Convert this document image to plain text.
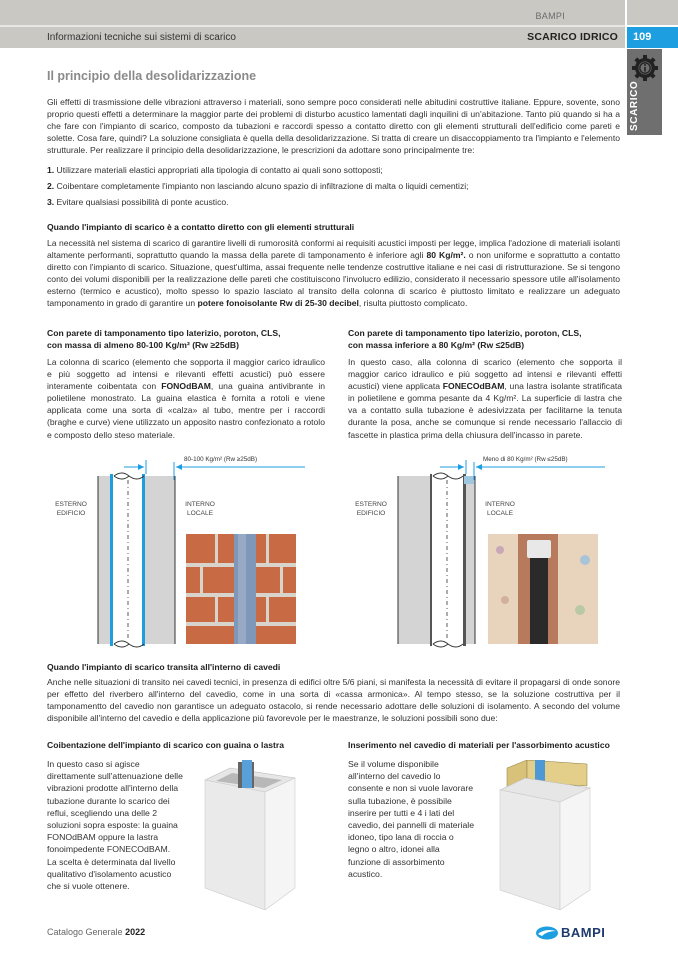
BAMPI
Informazioni tecniche sui sistemi di scarico	SCARICO IDRICO 109
SCARICO
Il principio della desolidarizzazione
Gli effetti di trasmissione delle vibrazioni attraverso i materiali, sono sempre poco considerati nelle abitudini costruttive italiane. Eppure, sovente, sono proprio questi effetti a determinare la maggior parte dei problemi di disturbo acustico lamentati dagli inquilini di un'abitazione. Tanto più quando si ha a che fare con l'impianto di scarico, composto da tubazioni e raccordi spesso a contatto diretto con gli elementi strutturali dell'edificio come pareti e solette. Cosa fare, quindi? La soluzione consigliata è quella della desolidarizzazione. Si tratta di creare un disaccoppiamento tra l'impianto e l'elemento strutturale. Per realizzare il principio della desolidarizzazione, le prescrizioni da adottare sono principalmente tre:
1. Utilizzare materiali elastici appropriati alla tipologia di contatto ai quali sono sottoposti;
2. Coibentare completamente l'impianto non lasciando alcuno spazio di infiltrazione di malta o liquidi cementizi;
3. Evitare qualsiasi possibilità di ponte acustico.
Quando l'impianto di scarico è a contatto diretto con gli elementi strutturali
La necessità nel sistema di scarico di garantire livelli di rumorosità conformi ai requisiti acustici imposti per legge, implica l'adozione di materiali isolanti altamente performanti, soprattutto quando la massa della parete di tamponamento è inferiore agli 80 Kg/m². o non uniforme e soprattutto a contatto diretto con l'impianto di scarico. Situazione, quest'ultima, assai frequente nelle tendenze costruttive italiane e nei casi di ristrutturazione. Se si tengono conto dei volumi disponibili per la realizzazione delle pareti che costituiscono l'involucro edilizio, considerato il necessario spessore utile all'isolamento esterno (termico e acustico), molto spesso lo spazio lasciato al transito della colonna di scarico è piuttosto limitato e realizzare un adeguato tamponamento in grado di garantire un potere fonoisolante Rw di 25-30 decibel, risulta piuttosto complicato.
Con parete di tamponamento tipo laterizio, poroton, CLS,
con massa di almeno 80-100 Kg/m² (Rw ≥25dB)
La colonna di scarico (elemento che sopporta il maggior carico idraulico e più soggetto ad intensi e rilevanti effetti acustici) può essere interamente coibentata con FONOdBAM, una guaina antivibrante in polietilene monostrato. La guaina elastica è fornita a rotoli e viene applicata come una sorta di «calza» al tubo, mentre per i raccordi (braghe e curve) viene utilizzato un apposito nastro confezionato a rotolo e composto dello steso materiale.
Con parete di tamponamento tipo laterizio, poroton, CLS,
con massa inferiore a 80 Kg/m² (Rw ≤25dB)
In questo caso, alla colonna di scarico (elemento che sopporta il maggior carico idraulico e più soggetto ad intensi e rilevanti effetti acustici) viene applicata FONECOdBAM, una lastra isolante stratificata in polietilene e gomma pesante da 4 Kg/m². La superficie di lastra che va a contatto sulla tubazione è adesivizzata per facilitarne la tenuta durante la posa, anche se comunque si rende necessario l'allaccio di fascette in plastica prima della chiusura dell'incasso in parete.
80-100 Kg/m² (Rw ≥25dB)
ESTERNO
EDIFICIO
INTERNO
LOCALE
Meno di 80 Kg/m² (Rw ≤25dB)
ESTERNO
EDIFICIO
INTERNO
LOCALE
Quando l'impianto di scarico transita all'interno di cavedi
Anche nelle situazioni di transito nei cavedi tecnici, in presenza di edifici oltre 5/6 piani, si manifesta la necessità di evitare il propagarsi di onde sonore per effetto del riverbero all'interno del cavedio, come in una sorta di «cassa armonica». Al tempo stesso, se la soluzione costruttiva per il tamponamentto del cavedio non garantisce un adeguato ostacolo, si rende necessario adottare delle soluzioni di isolamento. A secondo del volume disponibile all'interno del cavedio e della applicazione più favorevole per le maestranze, le soluzioni possibili sono due:
Coibentazione dell'impianto di scarico con guaina o lastra	Inserimento nel cavedio di materiali per l'assorbimento acustico
In questo caso si agisce
direttamente sull'attenuazione delle
vibrazioni prodotte all'interno della
tubazione durante lo scarico dei
reflui, scegliendo una delle 2
soluzioni sopra esposte: la guaina
FONOdBAM oppure la lastra
fonoimpedente FONECOdBAM.
La scelta è determinata dal livello
qualitativo d'isolamento acustico
che si vuole ottenere.
Se il volume disponibile
all'interno del cavedio lo
consente e non si vuole lavorare
sulla tubazione, è possibile
inserire per tutti e 4 i lati del
cavedio, dei pannelli di materiale
idoneo, tipo lana di roccia o
legno o altro, idonei alla
funzione di assorbimento
acustico.
Catalogo Generale 2022	BAMPI
